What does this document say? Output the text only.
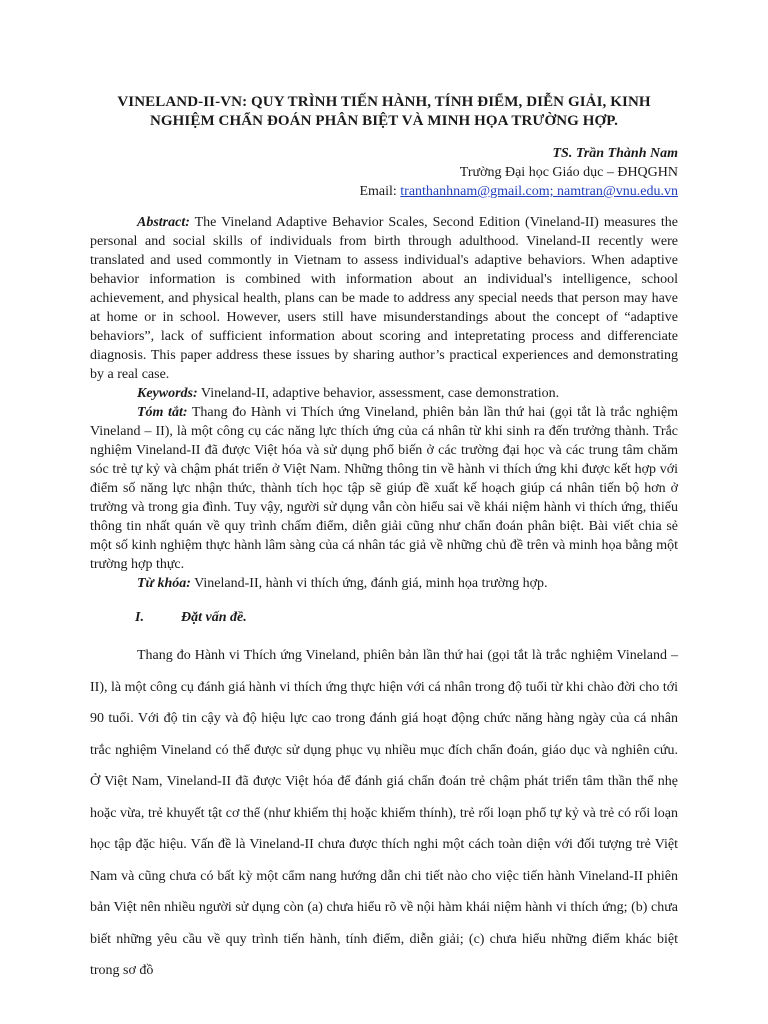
VINELAND-II-VN: QUY TRÌNH TIẾN HÀNH, TÍNH ĐIỂM, DIỄN GIẢI, KINH
NGHIỆM CHẨN ĐOÁN PHÂN BIỆT VÀ MINH HỌA TRƯỜNG HỢP.
TS. Trần Thành Nam
Trường Đại học Giáo dục – ĐHQGHN
Email: tranthanhnam@gmail.com; namtran@vnu.edu.vn

Abstract: The Vineland Adaptive Behavior Scales, Second Edition (Vineland-II) measures the personal and social skills of individuals from birth through adulthood. Vineland-II recently were translated and used commontly in Vietnam to assess individual's adaptive behaviors. When adaptive behavior information is combined with information about an individual's intelligence, school achievement, and physical health, plans can be made to address any special needs that person may have at home or in school. However, users still have misunderstandings about the concept of “adaptive behaviors”, lack of sufficient information about scoring and intepretating process and differenciate diagnosis. This paper address these issues by sharing author’s practical experiences and demonstrating by a real case.

Keywords: Vineland-II, adaptive behavior, assessment, case demonstration.

Tóm tắt: Thang đo Hành vi Thích ứng Vineland, phiên bản lần thứ hai (gọi tắt là trắc nghiệm Vineland – II), là một công cụ các năng lực thích ứng của cá nhân từ khi sinh ra đến trưởng thành. Trắc nghiệm Vineland-II đã được Việt hóa và sử dụng phổ biến ở các trường đại học và các trung tâm chăm sóc trẻ tự kỷ và chậm phát triển ở Việt Nam. Những thông tin về hành vi thích ứng khi được kết hợp với điểm số năng lực nhận thức, thành tích học tập sẽ giúp đề xuất kế hoạch giúp cá nhân tiến bộ hơn ở trường và trong gia đình. Tuy vậy, người sử dụng vẫn còn hiểu sai về khái niệm hành vi thích ứng, thiếu thông tin nhất quán về quy trình chấm điểm, diễn giải cũng như chẩn đoán phân biệt. Bài viết chia sẻ một số kinh nghiệm thực hành lâm sàng của cá nhân tác giả về những chủ đề trên và minh họa bằng một trường hợp thực.

Từ khóa: Vineland-II, hành vi thích ứng, đánh giá, minh họa trường hợp.

I.	Đặt vấn đề.

Thang đo Hành vi Thích ứng Vineland, phiên bản lần thứ hai (gọi tắt là trắc nghiệm Vineland – II), là một công cụ đánh giá hành vi thích ứng thực hiện với cá nhân trong độ tuổi từ khi chào đời cho tới 90 tuổi. Với độ tin cậy và độ hiệu lực cao trong đánh giá hoạt động chức năng hàng ngày của cá nhân trắc nghiệm Vineland có thể được sử dụng phục vụ nhiều mục đích chẩn đoán, giáo dục và nghiên cứu. Ở Việt Nam, Vineland-II đã được Việt hóa để đánh giá chẩn đoán trẻ chậm phát triển tâm thần thể nhẹ hoặc vừa, trẻ khuyết tật cơ thể (như khiếm thị hoặc khiếm thính), trẻ rối loạn phổ tự kỷ và trẻ có rối loạn học tập đặc hiệu. Vấn đề là Vineland-II chưa được thích nghi một cách toàn diện với đối tượng trẻ Việt Nam và cũng chưa có bất kỳ một cẩm nang hướng dẫn chi tiết nào cho việc tiến hành Vineland-II phiên bản Việt nên nhiều người sử dụng còn (a) chưa hiểu rõ về nội hàm khái niệm hành vi thích ứng; (b) chưa biết những yêu cầu về quy trình tiến hành, tính điểm, diễn giải; (c) chưa hiểu những điểm khác biệt trong sơ đồ
